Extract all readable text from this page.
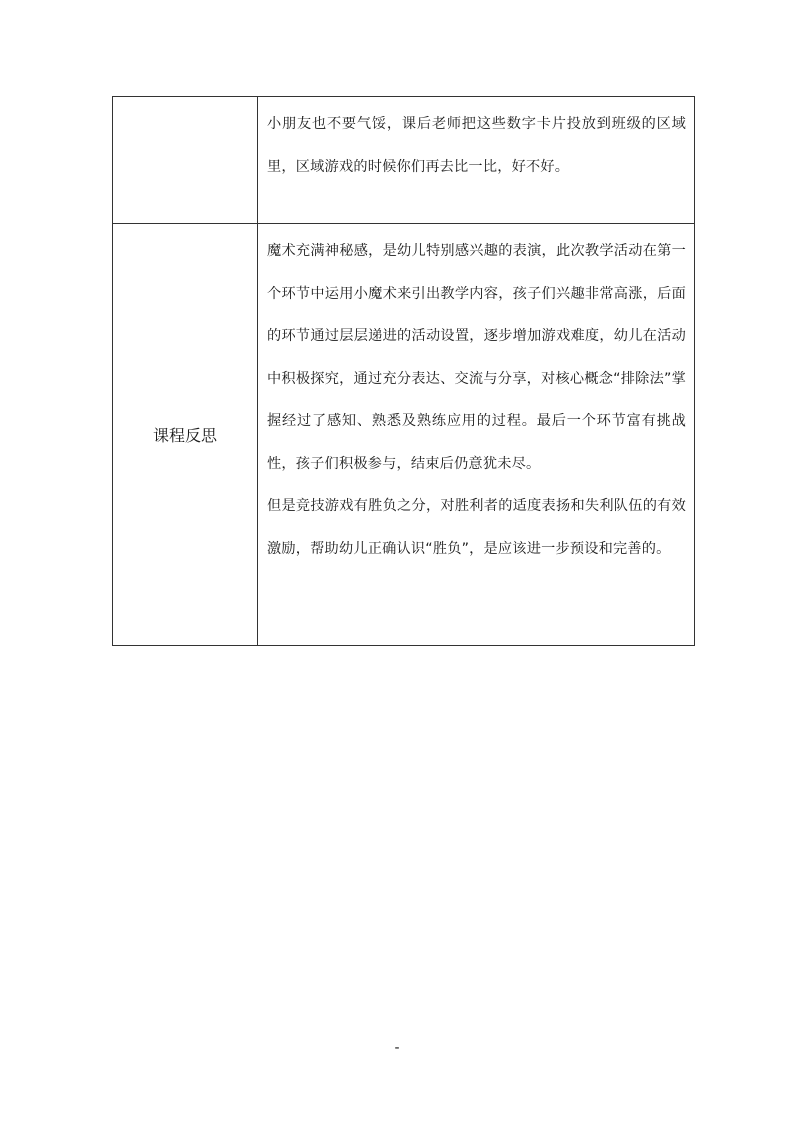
	小朋友也不要气馁，课后老师把这些数字卡片投放到班级的区域里，区域游戏的时候你们再去比一比，好不好。

课程反思	魔术充满神秘感，是幼儿特别感兴趣的表演，此次教学活动在第一个环节中运用小魔术来引出教学内容，孩子们兴趣非常高涨，后面的环节通过层层递进的活动设置，逐步增加游戏难度，幼儿在活动中积极探究，通过充分表达、交流与分享，对核心概念“排除法”掌握经过了感知、熟悉及熟练应用的过程。最后一个环节富有挑战性，孩子们积极参与，结束后仍意犹未尽。

但是竞技游戏有胜负之分，对胜利者的适度表扬和失利队伍的有效激励，帮助幼儿正确认识“胜负”，是应该进一步预设和完善的。

-
